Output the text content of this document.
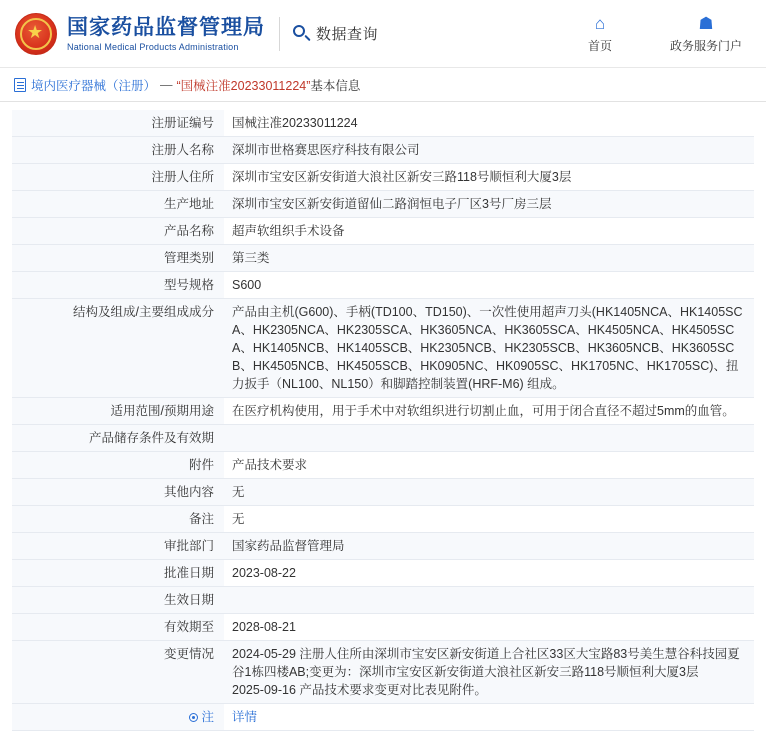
★ 国家药品监督管理局
National Medical Products Administration
数据查询
⌂
首页
☗
政务服务门户
境内医疗器械（注册） — “国械注准20233011224” 基本信息
注册证编号	国械注准20233011224
注册人名称	深圳市世格赛思医疗科技有限公司
注册人住所	深圳市宝安区新安街道大浪社区新安三路118号顺恒利大厦3层
生产地址	深圳市宝安区新安街道留仙二路润恒电子厂区3号厂房三层
产品名称	超声软组织手术设备
管理类别	第三类
型号规格	S600
结构及组成/主要组成成分	产品由主机(G600)、手柄(TD100、TD150)、一次性使用超声刀头(HK1405NCA、HK1405SCA、HK2305NCA、HK2305SCA、HK3605NCA、HK3605SCA、HK4505NCA、HK4505SCA、HK1405NCB、HK1405SCB、HK2305NCB、HK2305SCB、HK3605NCB、HK3605SCB、HK4505NCB、HK4505SCB、HK0905NC、HK0905SC、HK1705NC、HK1705SC)、扭力扳手（NL100、NL150）和脚踏控制装置(HRF-M6) 组成。
适用范围/预期用途	在医疗机构使用，用于手术中对软组织进行切割止血，可用于闭合直径不超过5mm的血管。
产品储存条件及有效期	
附件	产品技术要求
其他内容	无
备注	无
审批部门	国家药品监督管理局
批准日期	2023-08-22
生效日期	
有效期至	2028-08-21
变更情况	2024-05-29 注册人住所由深圳市宝安区新安街道上合社区33区大宝路83号美生慧谷科技园夏谷1栋四楼AB;变更为：深圳市宝安区新安街道大浪社区新安三路118号顺恒利大厦3层
2025-09-16 产品技术要求变更对比表见附件。
注	详情
